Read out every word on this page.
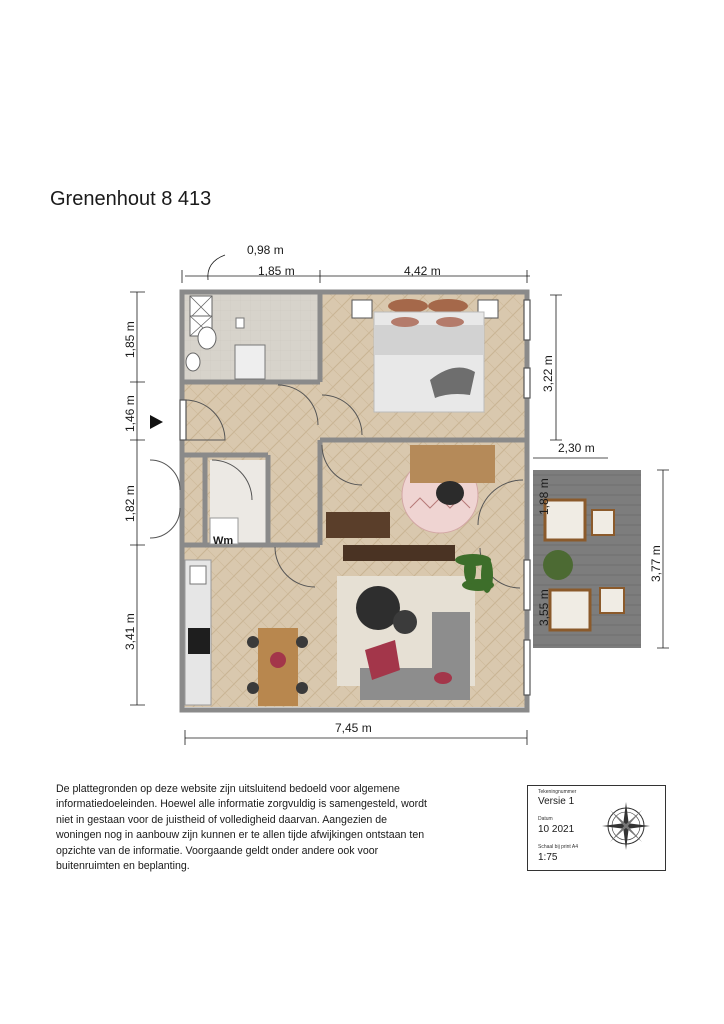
Grenenhout 8 413
0,98 m
1,85 m	4,42 m
7,45 m
2,30 m
1,85 m
1,46 m
1,82 m
3,41 m
3,22 m
3,77 m
1,88 m
3,55 m
Wm
De plattegronden op deze website zijn uitsluitend bedoeld voor algemene
informatiedoeleinden. Hoewel alle informatie zorgvuldig is samengesteld, wordt
niet in gestaan voor de juistheid of volledigheid daarvan. Aangezien de
woningen nog in aanbouw zijn kunnen er te allen tijde afwijkingen ontstaan ten
opzichte van de informatie. Voorgaande geldt onder andere ook voor
buitenruimten en beplanting.
Tekeningnummer
Versie 1
Datum
10 2021
Schaal bij print A4
1:75
